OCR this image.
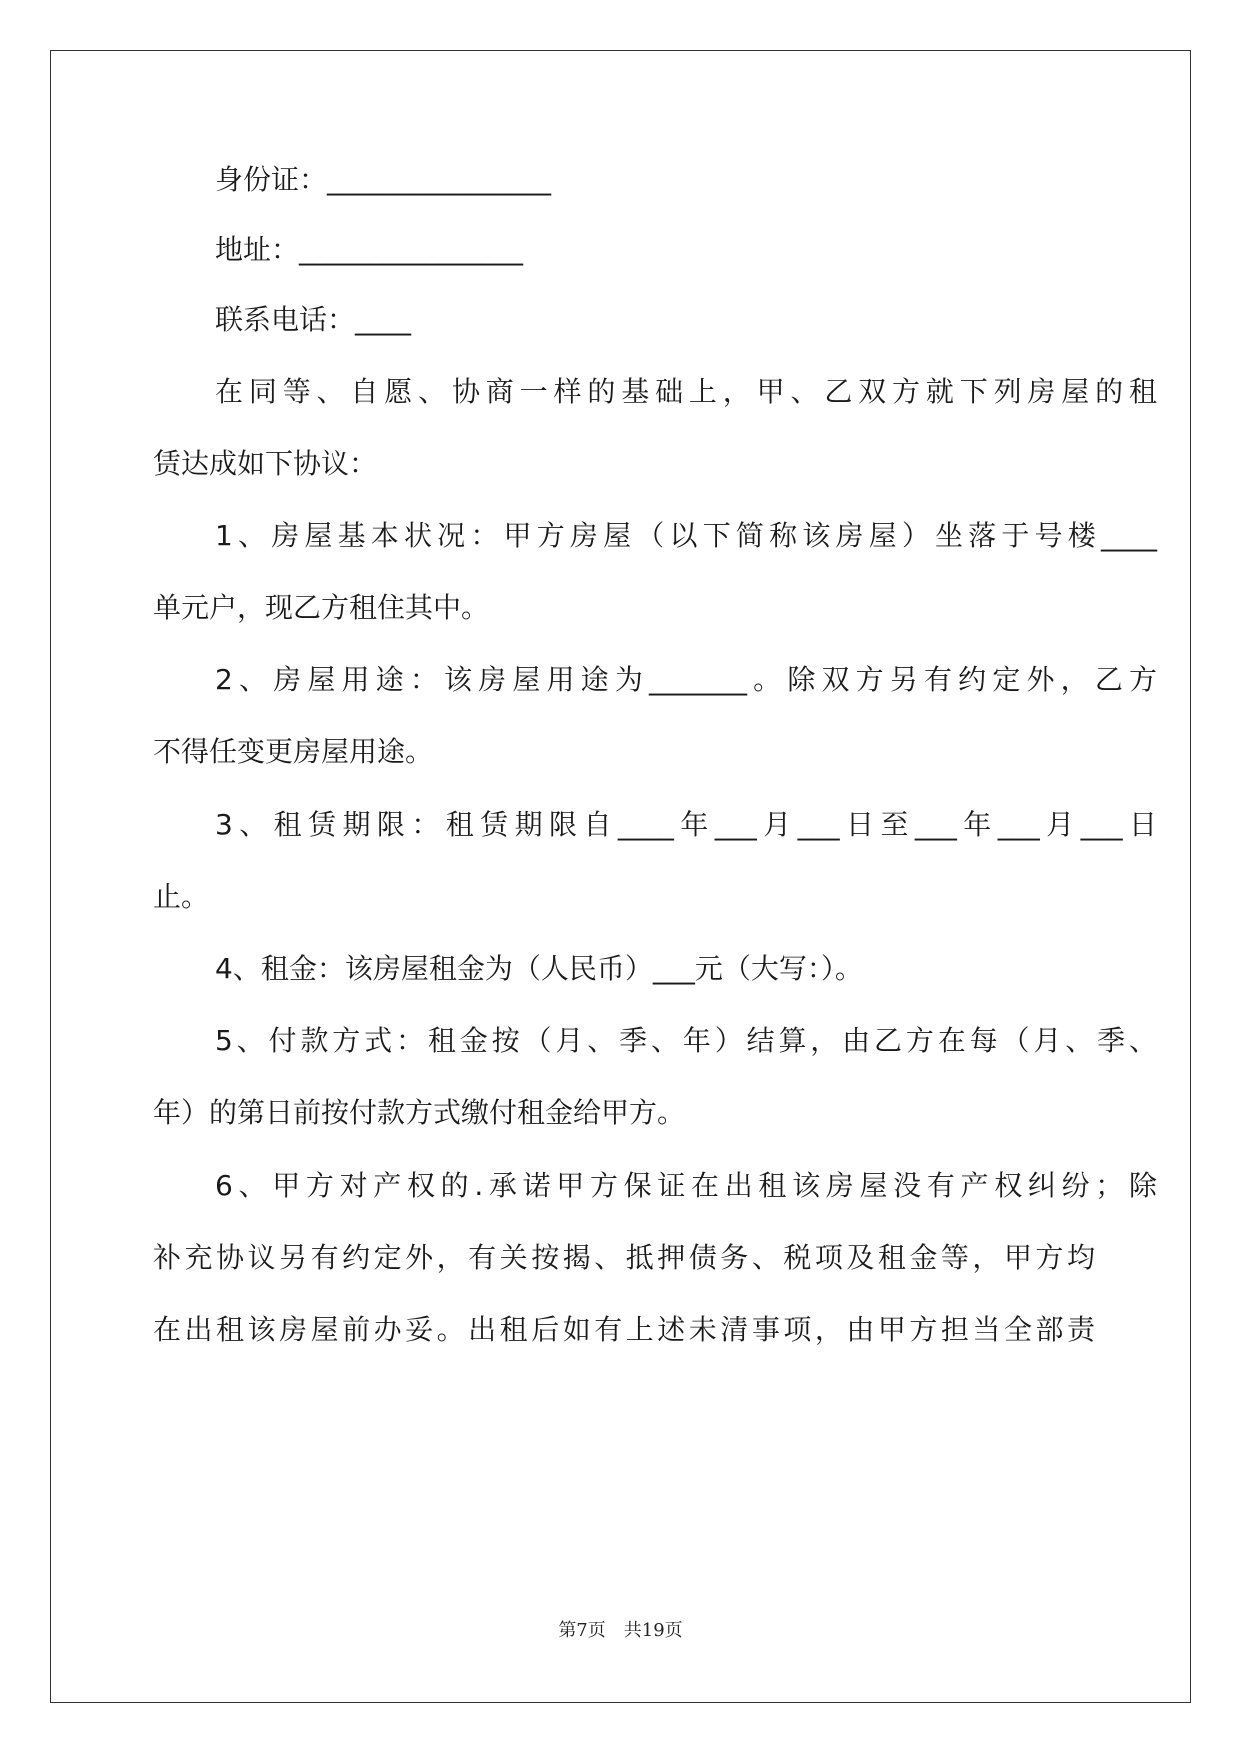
身份证：________________
地址：________________
联系电话：____
在同等、自愿、协商一样的基础上，甲、乙双方就下列房屋的租
赁达成如下协议：
1、房屋基本状况：甲方房屋（以下简称该房屋）坐落于号楼____
单元户，现乙方租住其中。
2、房屋用途：该房屋用途为_______。除双方另有约定外，乙方
不得任变更房屋用途。
3、租赁期限：租赁期限自____年___月___日至___年___月___日
止。
4、租金：该房屋租金为（人民币）___元（大写：）。
5、付款方式：租金按（月、季、年）结算，由乙方在每（月、季、
年）的第日前按付款方式缴付租金给甲方。
6、甲方对产权的.承诺甲方保证在出租该房屋没有产权纠纷；除
补充协议另有约定外，有关按揭、抵押债务、税项及租金等，甲方均
在出租该房屋前办妥。出租后如有上述未清事项，由甲方担当全部责
第7页　共19页
